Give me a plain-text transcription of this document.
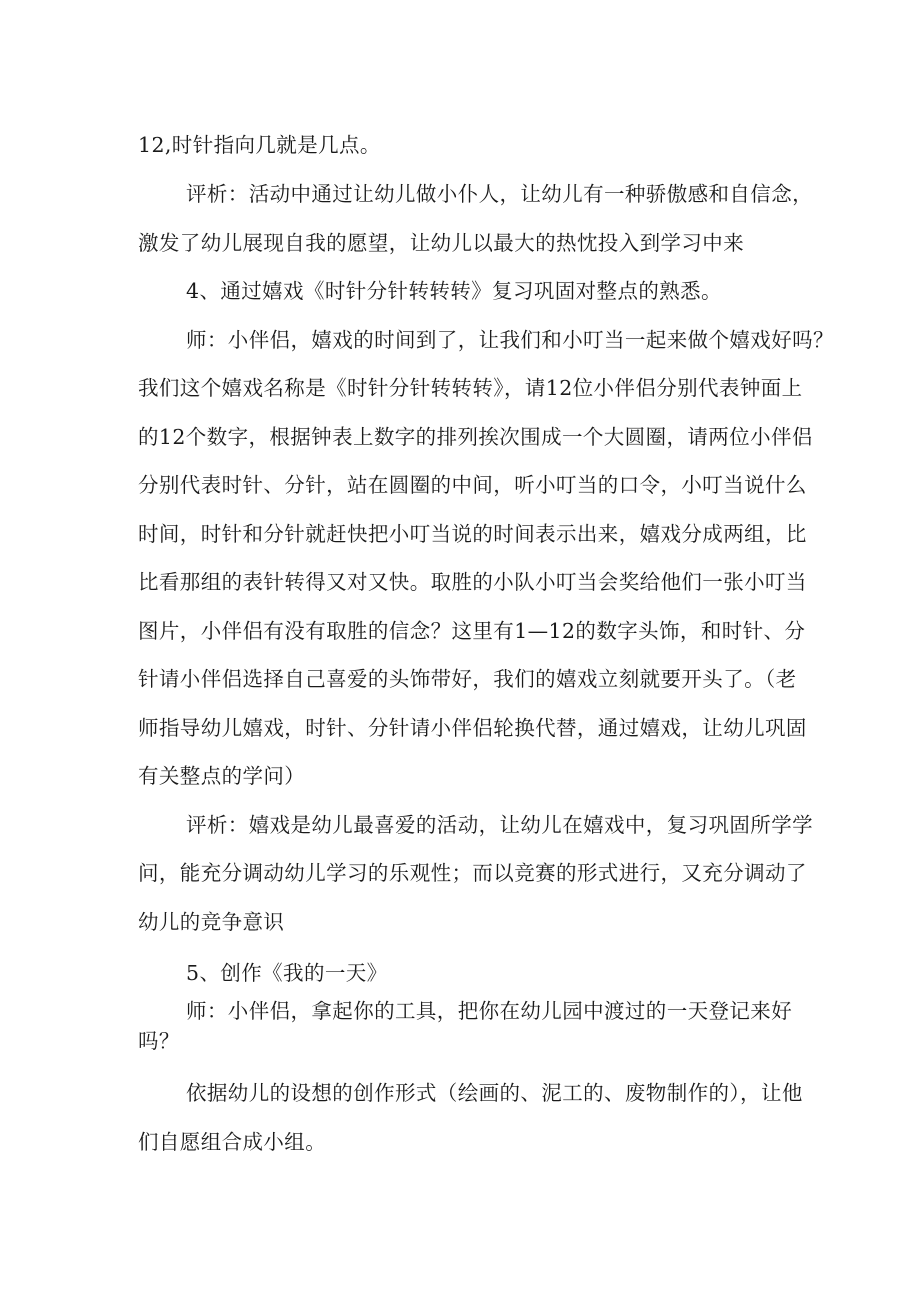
12,时针指向几就是几点。
评析：活动中通过让幼儿做小仆人，让幼儿有一种骄傲感和自信念，
激发了幼儿展现自我的愿望，让幼儿以最大的热忱投入到学习中来
4、通过嬉戏《时针分针转转转》复习巩固对整点的熟悉。
师：小伴侣，嬉戏的时间到了，让我们和小叮当一起来做个嬉戏好吗？
我们这个嬉戏名称是《时针分针转转转》，请12位小伴侣分别代表钟面上
的12个数字，根据钟表上数字的排列挨次围成一个大圆圈，请两位小伴侣
分别代表时针、分针，站在圆圈的中间，听小叮当的口令，小叮当说什么
时间，时针和分针就赶快把小叮当说的时间表示出来，嬉戏分成两组，比
比看那组的表针转得又对又快。取胜的小队小叮当会奖给他们一张小叮当
图片，小伴侣有没有取胜的信念？这里有1—12的数字头饰，和时针、分
针请小伴侣选择自己喜爱的头饰带好，我们的嬉戏立刻就要开头了。（老
师指导幼儿嬉戏，时针、分针请小伴侣轮换代替，通过嬉戏，让幼儿巩固
有关整点的学问）
评析：嬉戏是幼儿最喜爱的活动，让幼儿在嬉戏中，复习巩固所学学
问，能充分调动幼儿学习的乐观性；而以竞赛的形式进行，又充分调动了
幼儿的竞争意识
5、创作《我的一天》
师：小伴侣，拿起你的工具，把你在幼儿园中渡过的一天登记来好
吗？
依据幼儿的设想的创作形式（绘画的、泥工的、废物制作的），让他
们自愿组合成小组。
